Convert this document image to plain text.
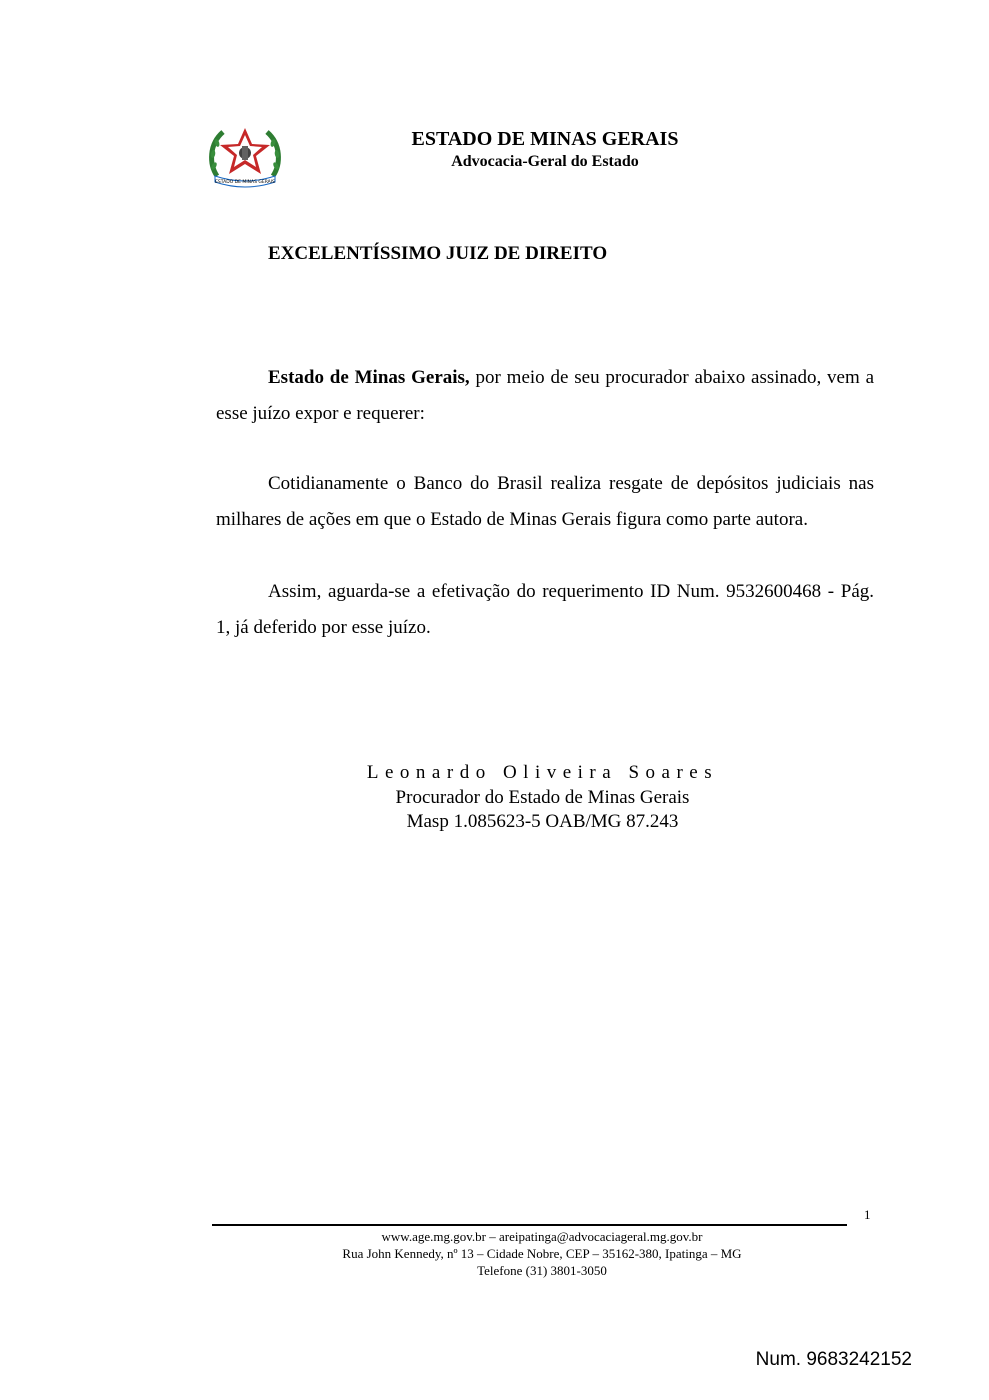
ESTADO DE MINAS GERAIS
ESTADO DE MINAS GERAIS
Advocacia-Geral do Estado
EXCELENTÍSSIMO JUIZ DE DIREITO
Estado de Minas Gerais, por meio de seu procurador abaixo assinado, vem a esse juízo expor e requerer:
Cotidianamente o Banco do Brasil realiza resgate de depósitos judiciais nas milhares de ações em que o Estado de Minas Gerais figura como parte autora.
Assim, aguarda-se a efetivação do requerimento ID Num. 9532600468 - Pág. 1, já deferido por esse juízo.
Leonardo Oliveira Soares
Procurador do Estado de Minas Gerais
Masp 1.085623-5 OAB/MG 87.243
1
www.age.mg.gov.br – areipatinga@advocaciageral.mg.gov.br
Rua John Kennedy, nº 13 – Cidade Nobre, CEP – 35162-380, Ipatinga – MG
Telefone (31) 3801-3050
Num. 9683242152
